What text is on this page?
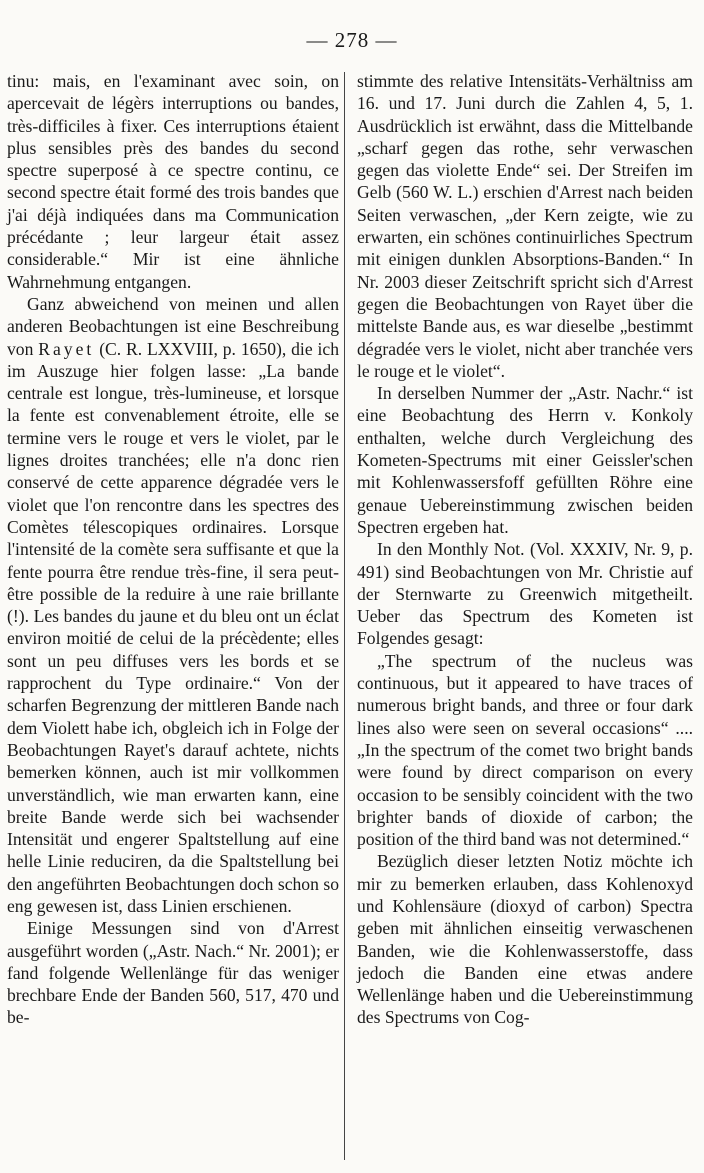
— 278 —

tinu: mais, en l'examinant avec soin, on apercevait de légèrs interruptions ou bandes, très-difficiles à fixer. Ces interruptions étaient plus sensibles près des bandes du second spectre superposé à ce spectre continu, ce second spectre était formé des trois bandes que j'ai déjà indiquées dans ma Communication précédante ; leur largeur était assez considerable.“ Mir ist eine ähnliche Wahrnehmung entgangen.

Ganz abweichend von meinen und allen anderen Beobachtungen ist eine Beschreibung von Rayet (C. R. LXXVIII, p. 1650), die ich im Auszuge hier folgen lasse: „La bande centrale est longue, très-lumineuse, et lorsque la fente est convenablement étroite, elle se termine vers le rouge et vers le violet, par le lignes droites tranchées; elle n'a donc rien conservé de cette apparence dégradée vers le violet que l'on rencontre dans les spectres des Comètes télescopiques ordinaires. Lorsque l'intensité de la comète sera suffisante et que la fente pourra être rendue très-fine, il sera peut-être possible de la reduire à une raie brillante (!). Les bandes du jaune et du bleu ont un éclat environ moitié de celui de la précèdente; elles sont un peu diffuses vers les bords et se rapprochent du Type ordinaire.“ Von der scharfen Begrenzung der mittleren Bande nach dem Violett habe ich, obgleich ich in Folge der Beobachtungen Rayet's darauf achtete, nichts bemerken können, auch ist mir vollkommen unverständlich, wie man erwarten kann, eine breite Bande werde sich bei wachsender Intensität und engerer Spaltstellung auf eine helle Linie reduciren, da die Spaltstellung bei den angeführten Beobachtungen doch schon so eng gewesen ist, dass Linien erschienen.

Einige Messungen sind von d'Arrest ausgeführt worden („Astr. Nach.“ Nr. 2001); er fand folgende Wellenlänge für das weniger brechbare Ende der Banden 560, 517, 470 und be-

stimmte des relative Intensitäts-Verhältniss am 16. und 17. Juni durch die Zahlen 4, 5, 1. Ausdrücklich ist erwähnt, dass die Mittelbande „scharf gegen das rothe, sehr verwaschen gegen das violette Ende“ sei. Der Streifen im Gelb (560 W. L.) erschien d'Arrest nach beiden Seiten verwaschen, „der Kern zeigte, wie zu erwarten, ein schönes continuirliches Spectrum mit einigen dunklen Absorptions-Banden.“ In Nr. 2003 dieser Zeitschrift spricht sich d'Arrest gegen die Beobachtungen von Rayet über die mittelste Bande aus, es war dieselbe „bestimmt dégradée vers le violet, nicht aber tranchée vers le rouge et le violet“.

In derselben Nummer der „Astr. Nachr.“ ist eine Beobachtung des Herrn v. Konkoly enthalten, welche durch Vergleichung des Kometen-Spectrums mit einer Geissler'schen mit Kohlenwassersfoff gefüllten Röhre eine genaue Uebereinstimmung zwischen beiden Spectren ergeben hat.

In den Monthly Not. (Vol. XXXIV, Nr. 9, p. 491) sind Beobachtungen von Mr. Christie auf der Sternwarte zu Greenwich mitgetheilt. Ueber das Spectrum des Kometen ist Folgendes gesagt:

„The spectrum of the nucleus was continuous, but it appeared to have traces of numerous bright bands, and three or four dark lines also were seen on several occasions“ .... „In the spectrum of the comet two bright bands were found by direct comparison on every occasion to be sensibly coincident with the two brighter bands of dioxide of carbon; the position of the third band was not determined.“

Bezüglich dieser letzten Notiz möchte ich mir zu bemerken erlauben, dass Kohlenoxyd und Kohlensäure (dioxyd of carbon) Spectra geben mit ähnlichen einseitig verwaschenen Banden, wie die Kohlenwasserstoffe, dass jedoch die Banden eine etwas andere Wellenlänge haben und die Uebereinstimmung des Spectrums von Cog-
